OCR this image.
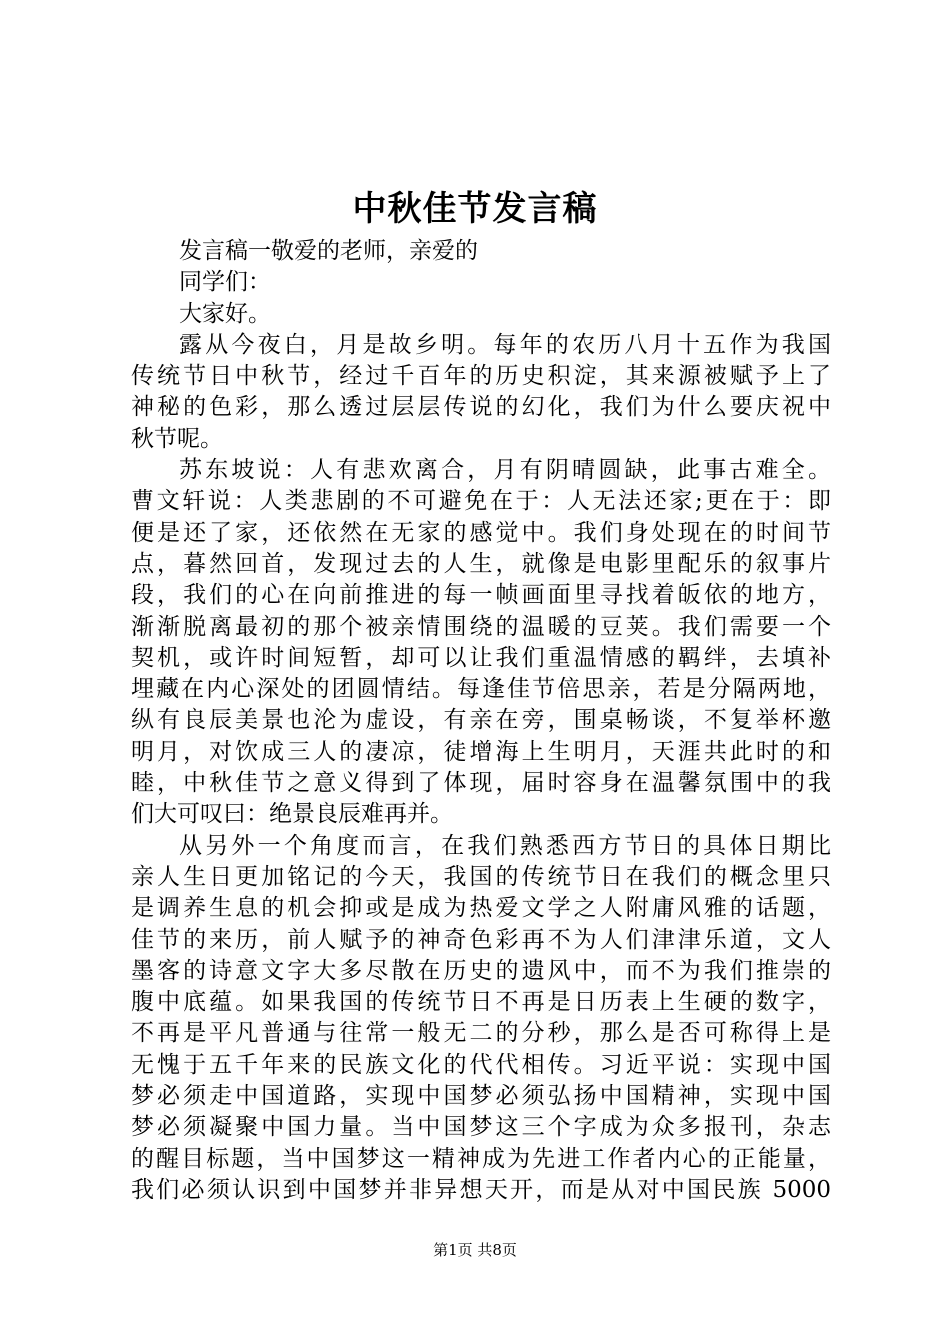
中秋佳节发言稿
发言稿一敬爱的老师，亲爱的
同学们：
大家好。
露从今夜白，月是故乡明。每年的农历八月十五作为我国
传统节日中秋节，经过千百年的历史积淀，其来源被赋予上了
神秘的色彩，那么透过层层传说的幻化，我们为什么要庆祝中
秋节呢。
苏东坡说：人有悲欢离合，月有阴晴圆缺，此事古难全。
曹文轩说：人类悲剧的不可避免在于：人无法还家;更在于：即
便是还了家，还依然在无家的感觉中。我们身处现在的时间节
点，暮然回首，发现过去的人生，就像是电影里配乐的叙事片
段，我们的心在向前推进的每一帧画面里寻找着皈依的地方，
渐渐脱离最初的那个被亲情围绕的温暖的豆荚。我们需要一个
契机，或许时间短暂，却可以让我们重温情感的羁绊，去填补
埋藏在内心深处的团圆情结。每逢佳节倍思亲，若是分隔两地，
纵有良辰美景也沦为虚设，有亲在旁，围桌畅谈，不复举杯邀
明月，对饮成三人的凄凉，徒增海上生明月，天涯共此时的和
睦，中秋佳节之意义得到了体现，届时容身在温馨氛围中的我
们大可叹曰：绝景良辰难再并。
从另外一个角度而言，在我们熟悉西方节日的具体日期比
亲人生日更加铭记的今天，我国的传统节日在我们的概念里只
是调养生息的机会抑或是成为热爱文学之人附庸风雅的话题，
佳节的来历，前人赋予的神奇色彩再不为人们津津乐道，文人
墨客的诗意文字大多尽散在历史的遗风中，而不为我们推崇的
腹中底蕴。如果我国的传统节日不再是日历表上生硬的数字，
不再是平凡普通与往常一般无二的分秒，那么是否可称得上是
无愧于五千年来的民族文化的代代相传。习近平说：实现中国
梦必须走中国道路，实现中国梦必须弘扬中国精神，实现中国
梦必须凝聚中国力量。当中国梦这三个字成为众多报刊，杂志
的醒目标题，当中国梦这一精神成为先进工作者内心的正能量，
我们必须认识到中国梦并非异想天开，而是从对中国民族 5000
第1页 共8页
